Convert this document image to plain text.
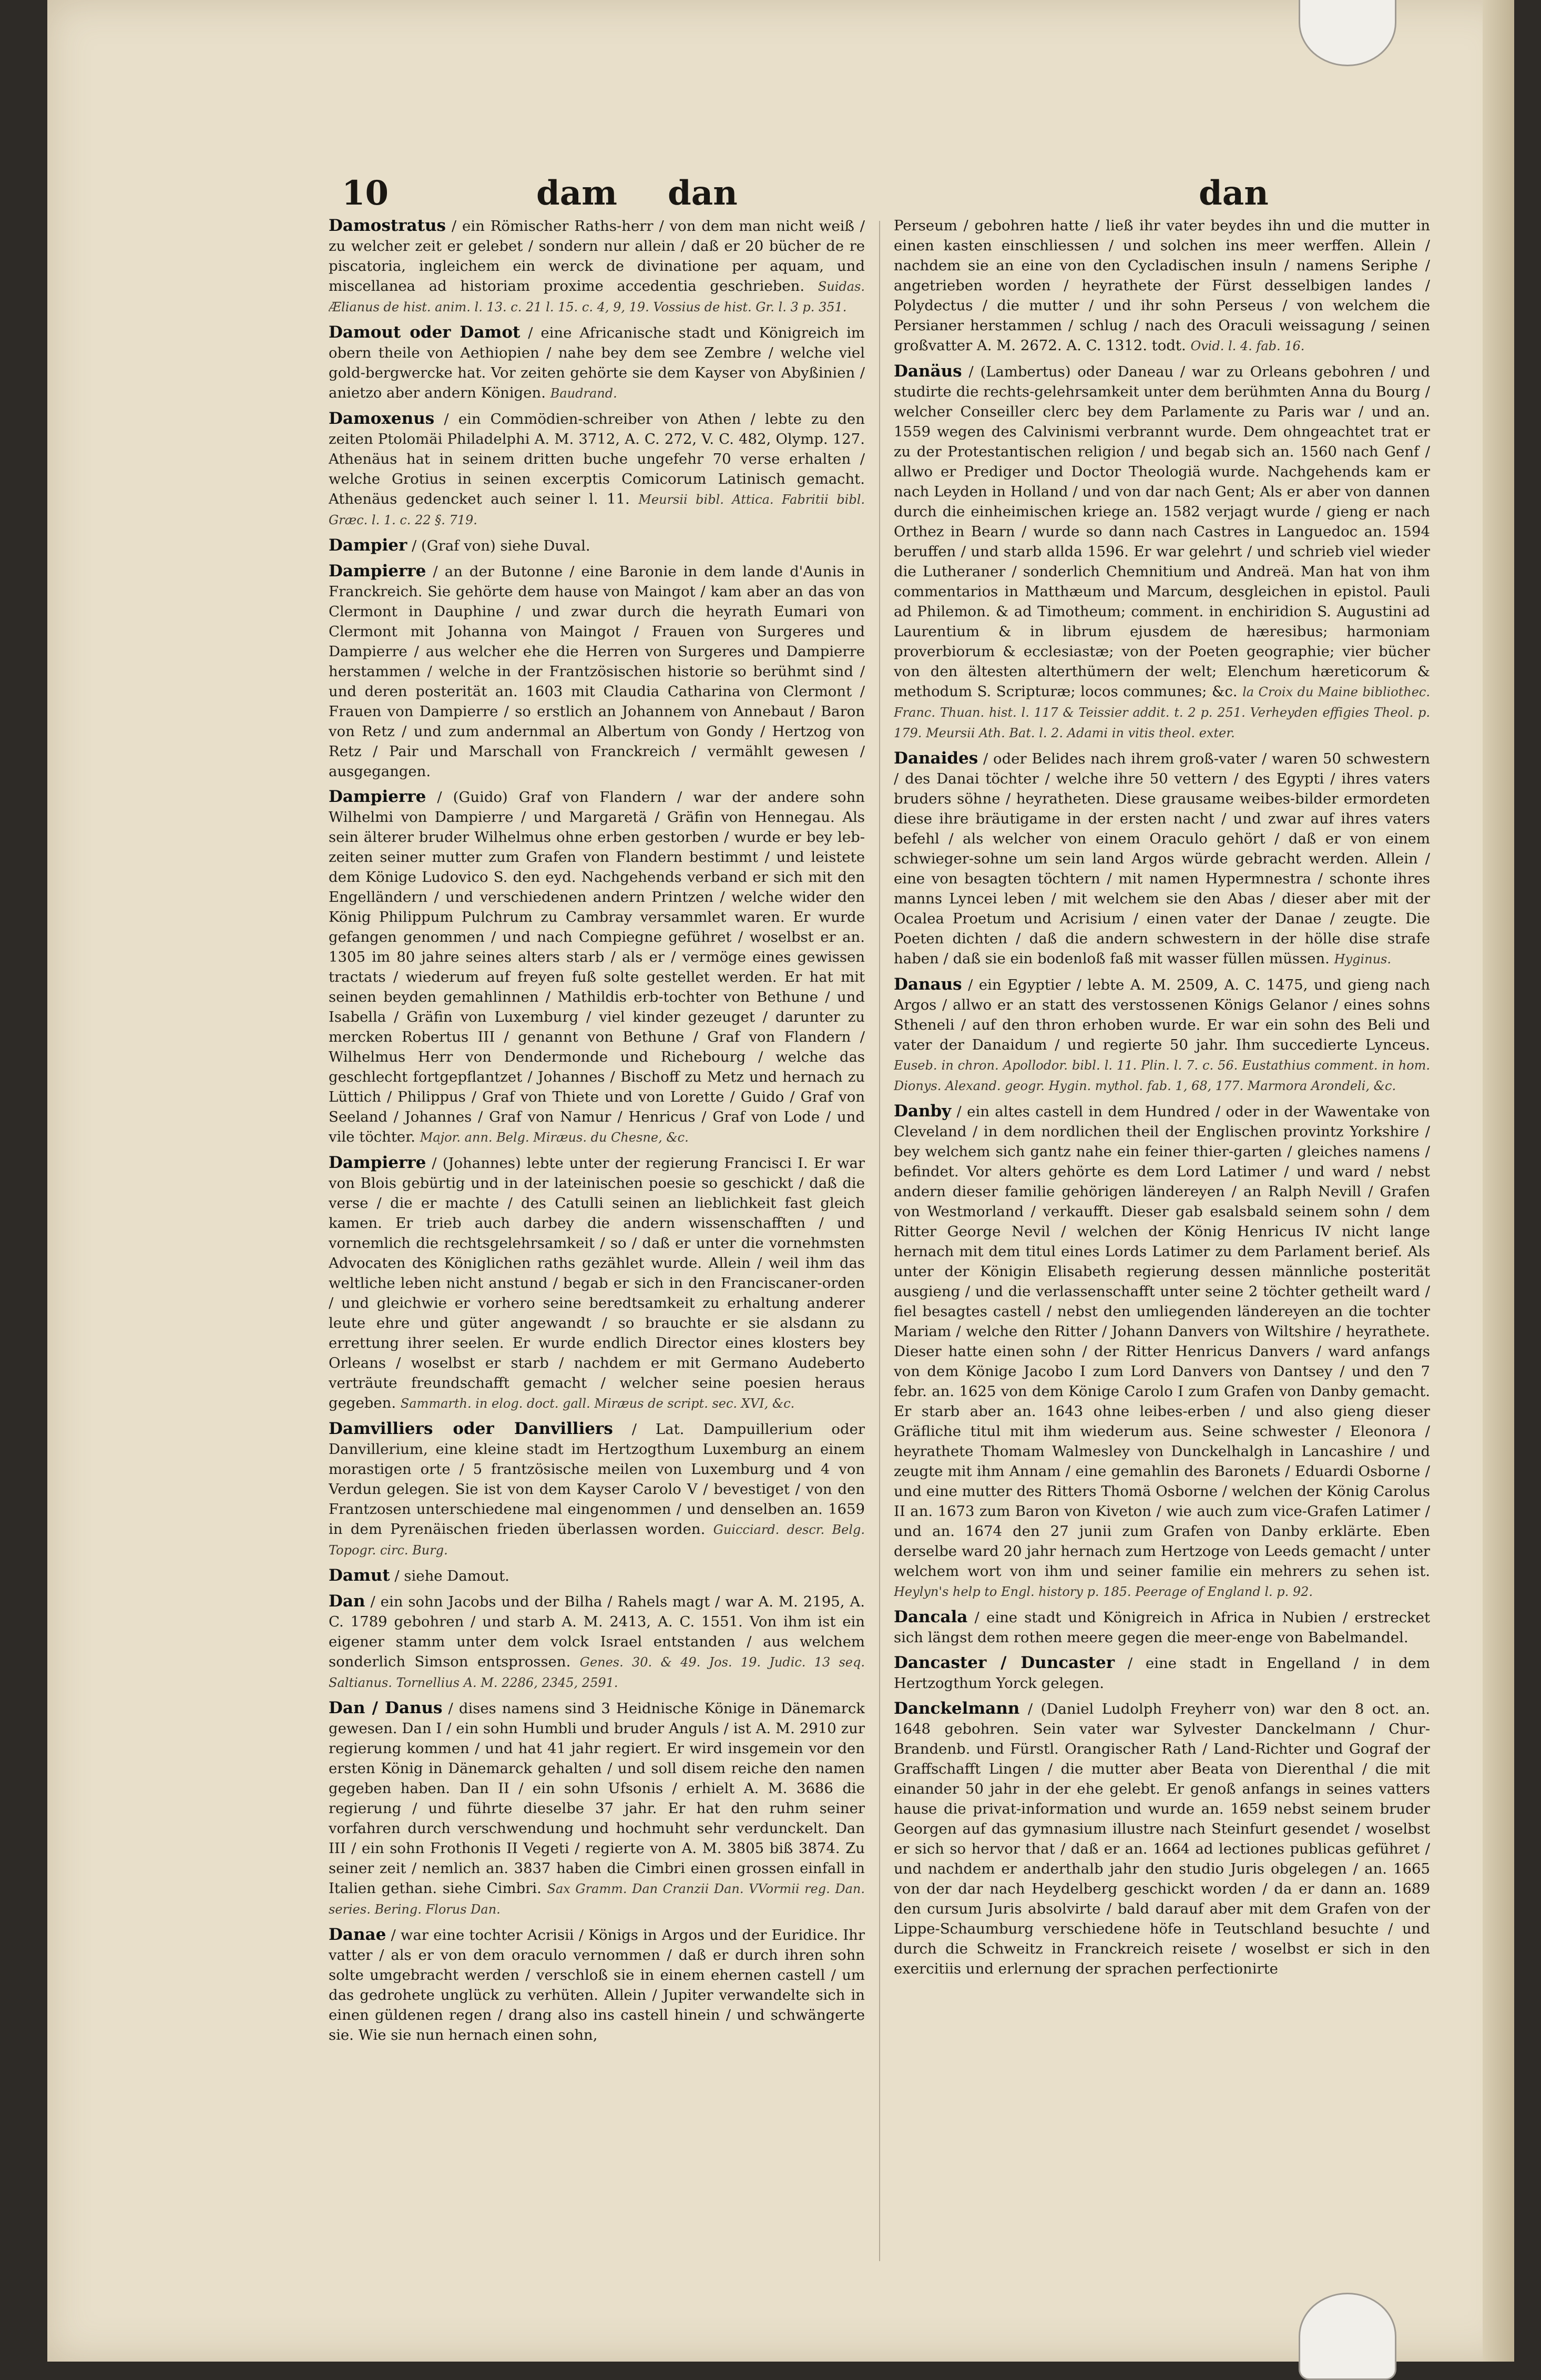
10	dam dan	dan

Damostratus / ein Römischer Raths-herr / von dem man nicht weiß / zu welcher zeit er gelebet / sondern nur allein / daß er 20 bücher de re piscatoria, ingleichem ein werck de divinatione per aquam, und miscellanea ad historiam proxime accedentia geschrieben. Suidas. Ælianus de hist. anim. l. 13. c. 21 l. 15. c. 4, 9, 19. Vossius de hist. Gr. l. 3 p. 351.

Damout oder Damot / eine Africanische stadt und Königreich im obern theile von Aethiopien / nahe bey dem see Zembre / welche viel gold-bergwercke hat. Vor zeiten gehörte sie dem Kayser von Abyßinien / anietzo aber andern Königen. Baudrand.

Damoxenus / ein Commödien-schreiber von Athen / lebte zu den zeiten Ptolomäi Philadelphi A. M. 3712, A. C. 272, V. C. 482, Olymp. 127. Athenäus hat in seinem dritten buche ungefehr 70 verse erhalten / welche Grotius in seinen excerptis Comicorum Latinisch gemacht. Athenäus gedencket auch seiner l. 11. Meursii bibl. Attica. Fabritii bibl. Græc. l. 1. c. 22 §. 719.

Dampier / (Graf von) siehe Duval.

Dampierre / an der Butonne / eine Baronie in dem lande d'Aunis in Franckreich. Sie gehörte dem hause von Maingot / kam aber an das von Clermont in Dauphine / und zwar durch die heyrath Eumari von Clermont mit Johanna von Maingot / Frauen von Surgeres und Dampierre / aus welcher ehe die Herren von Surgeres und Dampierre herstammen / welche in der Frantzösischen historie so berühmt sind / und deren posterität an. 1603 mit Claudia Catharina von Clermont / Frauen von Dampierre / so erstlich an Johannem von Annebaut / Baron von Retz / und zum andernmal an Albertum von Gondy / Hertzog von Retz / Pair und Marschall von Franckreich / vermählt gewesen / ausgegangen.

Dampierre / (Guido) Graf von Flandern / war der andere sohn Wilhelmi von Dampierre / und Margaretä / Gräfin von Hennegau. Als sein älterer bruder Wilhelmus ohne erben gestorben / wurde er bey leb-zeiten seiner mutter zum Grafen von Flandern bestimmt / und leistete dem Könige Ludovico S. den eyd. Nachgehends verband er sich mit den Engelländern / und verschiedenen andern Printzen / welche wider den König Philippum Pulchrum zu Cambray versammlet waren. Er wurde gefangen genommen / und nach Compiegne geführet / woselbst er an. 1305 im 80 jahre seines alters starb / als er / vermöge eines gewissen tractats / wiederum auf freyen fuß solte gestellet werden. Er hat mit seinen beyden gemahlinnen / Mathildis erb-tochter von Bethune / und Isabella / Gräfin von Luxemburg / viel kinder gezeuget / darunter zu mercken Robertus III / genannt von Bethune / Graf von Flandern / Wilhelmus Herr von Dendermonde und Richebourg / welche das geschlecht fortgepflantzet / Johannes / Bischoff zu Metz und hernach zu Lüttich / Philippus / Graf von Thiete und von Lorette / Guido / Graf von Seeland / Johannes / Graf von Namur / Henricus / Graf von Lode / und vile töchter. Major. ann. Belg. Miræus. du Chesne, &c.

Dampierre / (Johannes) lebte unter der regierung Francisci I. Er war von Blois gebürtig und in der lateinischen poesie so geschickt / daß die verse / die er machte / des Catulli seinen an lieblichkeit fast gleich kamen. Er trieb auch darbey die andern wissenschafften / und vornemlich die rechtsgelehrsamkeit / so / daß er unter die vornehmsten Advocaten des Königlichen raths gezählet wurde. Allein / weil ihm das weltliche leben nicht anstund / begab er sich in den Franciscaner-orden / und gleichwie er vorhero seine beredtsamkeit zu erhaltung anderer leute ehre und güter angewandt / so brauchte er sie alsdann zu errettung ihrer seelen. Er wurde endlich Director eines klosters bey Orleans / woselbst er starb / nachdem er mit Germano Audeberto verträute freundschafft gemacht / welcher seine poesien heraus gegeben. Sammarth. in elog. doct. gall. Miræus de script. sec. XVI, &c.

Damvilliers oder Danvilliers / Lat. Dampuillerium oder Danvillerium, eine kleine stadt im Hertzogthum Luxemburg an einem morastigen orte / 5 frantzösische meilen von Luxemburg und 4 von Verdun gelegen. Sie ist von dem Kayser Carolo V / bevestiget / von den Frantzosen unterschiedene mal eingenommen / und denselben an. 1659 in dem Pyrenäischen frieden überlassen worden. Guicciard. descr. Belg. Topogr. circ. Burg.

Damut / siehe Damout.

Dan / ein sohn Jacobs und der Bilha / Rahels magt / war A. M. 2195, A. C. 1789 gebohren / und starb A. M. 2413, A. C. 1551. Von ihm ist ein eigener stamm unter dem volck Israel entstanden / aus welchem sonderlich Simson entsprossen. Genes. 30. & 49. Jos. 19. Judic. 13 seq. Saltianus. Tornellius A. M. 2286, 2345, 2591.

Dan / Danus / dises namens sind 3 Heidnische Könige in Dänemarck gewesen. Dan I / ein sohn Humbli und bruder Anguls / ist A. M. 2910 zur regierung kommen / und hat 41 jahr regiert. Er wird insgemein vor den ersten König in Dänemarck gehalten / und soll disem reiche den namen gegeben haben. Dan II / ein sohn Ufsonis / erhielt A. M. 3686 die regierung / und führte dieselbe 37 jahr. Er hat den ruhm seiner vorfahren durch verschwendung und hochmuht sehr verdunckelt. Dan III / ein sohn Frothonis II Vegeti / regierte von A. M. 3805 biß 3874. Zu seiner zeit / nemlich an. 3837 haben die Cimbri einen grossen einfall in Italien gethan. siehe Cimbri. Sax Gramm. Dan Cranzii Dan. VVormii reg. Dan. series. Bering. Florus Dan.

Danae / war eine tochter Acrisii / Königs in Argos und der Euridice. Ihr vatter / als er von dem oraculo vernommen / daß er durch ihren sohn solte umgebracht werden / verschloß sie in einem ehernen castell / um das gedrohete unglück zu verhüten. Allein / Jupiter verwandelte sich in einen güldenen regen / drang also ins castell hinein / und schwängerte sie. Wie sie nun hernach einen sohn,

Perseum / gebohren hatte / ließ ihr vater beydes ihn und die mutter in einen kasten einschliessen / und solchen ins meer werffen. Allein / nachdem sie an eine von den Cycladischen insuln / namens Seriphe / angetrieben worden / heyrathete der Fürst desselbigen landes / Polydectus / die mutter / und ihr sohn Perseus / von welchem die Persianer herstammen / schlug / nach des Oraculi weissagung / seinen großvatter A. M. 2672. A. C. 1312. todt. Ovid. l. 4. fab. 16.

Danäus / (Lambertus) oder Daneau / war zu Orleans gebohren / und studirte die rechts-gelehrsamkeit unter dem berühmten Anna du Bourg / welcher Conseiller clerc bey dem Parlamente zu Paris war / und an. 1559 wegen des Calvinismi verbrannt wurde. Dem ohngeachtet trat er zu der Protestantischen religion / und begab sich an. 1560 nach Genf / allwo er Prediger und Doctor Theologiä wurde. Nachgehends kam er nach Leyden in Holland / und von dar nach Gent; Als er aber von dannen durch die einheimischen kriege an. 1582 verjagt wurde / gieng er nach Orthez in Bearn / wurde so dann nach Castres in Languedoc an. 1594 beruffen / und starb allda 1596. Er war gelehrt / und schrieb viel wieder die Lutheraner / sonderlich Chemnitium und Andreä. Man hat von ihm commentarios in Matthæum und Marcum, desgleichen in epistol. Pauli ad Philemon. & ad Timotheum; comment. in enchiridion S. Augustini ad Laurentium & in librum ejusdem de hæresibus; harmoniam proverbiorum & ecclesiastæ; von der Poeten geographie; vier bücher von den ältesten alterthümern der welt; Elenchum hæreticorum & methodum S. Scripturæ; locos communes; &c. la Croix du Maine bibliothec. Franc. Thuan. hist. l. 117 & Teissier addit. t. 2 p. 251. Verheyden effigies Theol. p. 179. Meursii Ath. Bat. l. 2. Adami in vitis theol. exter.

Danaides / oder Belides nach ihrem groß-vater / waren 50 schwestern / des Danai töchter / welche ihre 50 vettern / des Egypti / ihres vaters bruders söhne / heyratheten. Diese grausame weibes-bilder ermordeten diese ihre bräutigame in der ersten nacht / und zwar auf ihres vaters befehl / als welcher von einem Oraculo gehört / daß er von einem schwieger-sohne um sein land Argos würde gebracht werden. Allein / eine von besagten töchtern / mit namen Hypermnestra / schonte ihres manns Lyncei leben / mit welchem sie den Abas / dieser aber mit der Ocalea Proetum und Acrisium / einen vater der Danae / zeugte. Die Poeten dichten / daß die andern schwestern in der hölle dise strafe haben / daß sie ein bodenloß faß mit wasser füllen müssen. Hyginus.

Danaus / ein Egyptier / lebte A. M. 2509, A. C. 1475, und gieng nach Argos / allwo er an statt des verstossenen Königs Gelanor / eines sohns Stheneli / auf den thron erhoben wurde. Er war ein sohn des Beli und vater der Danaidum / und regierte 50 jahr. Ihm succedierte Lynceus. Euseb. in chron. Apollodor. bibl. l. 11. Plin. l. 7. c. 56. Eustathius comment. in hom. Dionys. Alexand. geogr. Hygin. mythol. fab. 1, 68, 177. Marmora Arondeli, &c.

Danby / ein altes castell in dem Hundred / oder in der Wawentake von Cleveland / in dem nordlichen theil der Englischen provintz Yorkshire / bey welchem sich gantz nahe ein feiner thier-garten / gleiches namens / befindet. Vor alters gehörte es dem Lord Latimer / und ward / nebst andern dieser familie gehörigen ländereyen / an Ralph Nevill / Grafen von Westmorland / verkaufft. Dieser gab esalsbald seinem sohn / dem Ritter George Nevil / welchen der König Henricus IV nicht lange hernach mit dem titul eines Lords Latimer zu dem Parlament berief. Als unter der Königin Elisabeth regierung dessen männliche posterität ausgieng / und die verlassenschafft unter seine 2 töchter getheilt ward / fiel besagtes castell / nebst den umliegenden ländereyen an die tochter Mariam / welche den Ritter / Johann Danvers von Wiltshire / heyrathete. Dieser hatte einen sohn / der Ritter Henricus Danvers / ward anfangs von dem Könige Jacobo I zum Lord Danvers von Dantsey / und den 7 febr. an. 1625 von dem Könige Carolo I zum Grafen von Danby gemacht. Er starb aber an. 1643 ohne leibes-erben / und also gieng dieser Gräfliche titul mit ihm wiederum aus. Seine schwester / Eleonora / heyrathete Thomam Walmesley von Dunckelhalgh in Lancashire / und zeugte mit ihm Annam / eine gemahlin des Baronets / Eduardi Osborne / und eine mutter des Ritters Thomä Osborne / welchen der König Carolus II an. 1673 zum Baron von Kiveton / wie auch zum vice-Grafen Latimer / und an. 1674 den 27 junii zum Grafen von Danby erklärte. Eben derselbe ward 20 jahr hernach zum Hertzoge von Leeds gemacht / unter welchem wort von ihm und seiner familie ein mehrers zu sehen ist. Heylyn's help to Engl. history p. 185. Peerage of England l. p. 92.

Dancala / eine stadt und Königreich in Africa in Nubien / erstrecket sich längst dem rothen meere gegen die meer-enge von Babelmandel.

Dancaster / Duncaster / eine stadt in Engelland / in dem Hertzogthum Yorck gelegen.

Danckelmann / (Daniel Ludolph Freyherr von) war den 8 oct. an. 1648 gebohren. Sein vater war Sylvester Danckelmann / Chur-Brandenb. und Fürstl. Orangischer Rath / Land-Richter und Gograf der Graffschafft Lingen / die mutter aber Beata von Dierenthal / die mit einander 50 jahr in der ehe gelebt. Er genoß anfangs in seines vatters hause die privat-information und wurde an. 1659 nebst seinem bruder Georgen auf das gymnasium illustre nach Steinfurt gesendet / woselbst er sich so hervor that / daß er an. 1664 ad lectiones publicas geführet / und nachdem er anderthalb jahr den studio Juris obgelegen / an. 1665 von der dar nach Heydelberg geschickt worden / da er dann an. 1689 den cursum Juris absolvirte / bald darauf aber mit dem Grafen von der Lippe-Schaumburg verschiedene höfe in Teutschland besuchte / und durch die Schweitz in Franckreich reisete / woselbst er sich in den exercitiis und erlernung der sprachen perfectionirte
